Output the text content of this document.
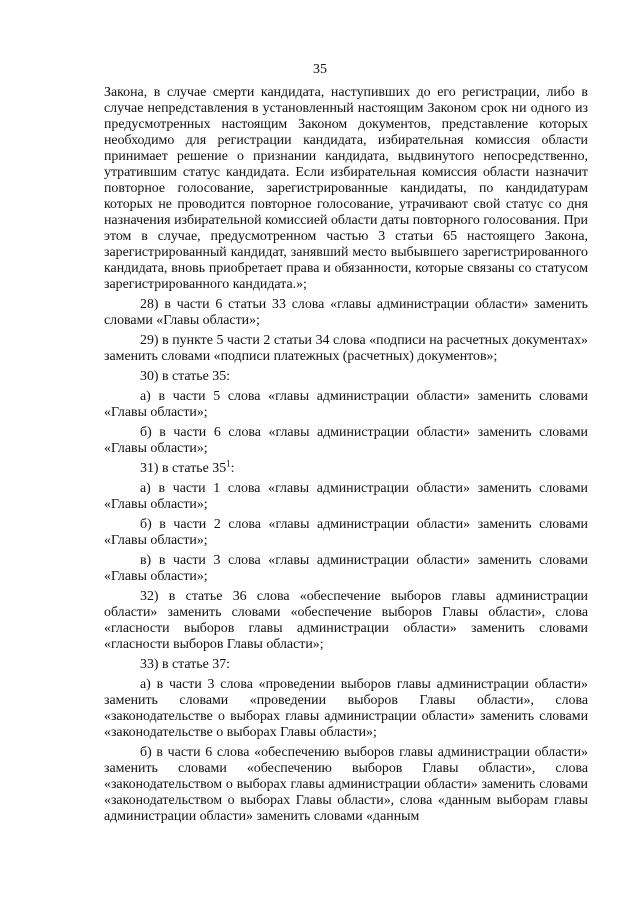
35

Закона, в случае смерти кандидата, наступивших до его регистрации, либо в случае непредставления в установленный настоящим Законом срок ни одного из предусмотренных настоящим Законом документов, представление которых необходимо для регистрации кандидата, избирательная комиссия области принимает решение о признании кандидата, выдвинутого непосредственно, утратившим статус кандидата. Если избирательная комиссия области назначит повторное голосование, зарегистрированные кандидаты, по кандидатурам которых не проводится повторное голосование, утрачивают свой статус со дня назначения избирательной комиссией области даты повторного голосования. При этом в случае, предусмотренном частью 3 статьи 65 настоящего Закона, зарегистрированный кандидат, занявший место выбывшего зарегистрированного кандидата, вновь приобретает права и обязанности, которые связаны со статусом зарегистрированного кандидата.»;

28) в части 6 статьи 33 слова «главы администрации области» заменить словами «Главы области»;

29) в пункте 5 части 2 статьи 34 слова «подписи на расчетных документах» заменить словами «подписи платежных (расчетных) документов»;

30) в статье 35:

а) в части 5 слова «главы администрации области» заменить словами «Главы области»;

б) в части 6 слова «главы администрации области» заменить словами «Главы области»;

31) в статье $35^1$:

а) в части 1 слова «главы администрации области» заменить словами «Главы области»;

б) в части 2 слова «главы администрации области» заменить словами «Главы области»;

в) в части 3 слова «главы администрации области» заменить словами «Главы области»;

32) в статье 36 слова «обеспечение выборов главы администрации области» заменить словами «обеспечение выборов Главы области», слова «гласности выборов главы администрации области» заменить словами «гласности выборов Главы области»;

33) в статье 37:

а) в части 3 слова «проведении выборов главы администрации области» заменить словами «проведении выборов Главы области», слова «законодательстве о выборах главы администрации области» заменить словами «законодательстве о выборах Главы области»;

б) в части 6 слова «обеспечению выборов главы администрации области» заменить словами «обеспечению выборов Главы области», слова «законодательством о выборах главы администрации области» заменить словами «законодательством о выборах Главы области», слова «данным выборам главы администрации области» заменить словами «данным
